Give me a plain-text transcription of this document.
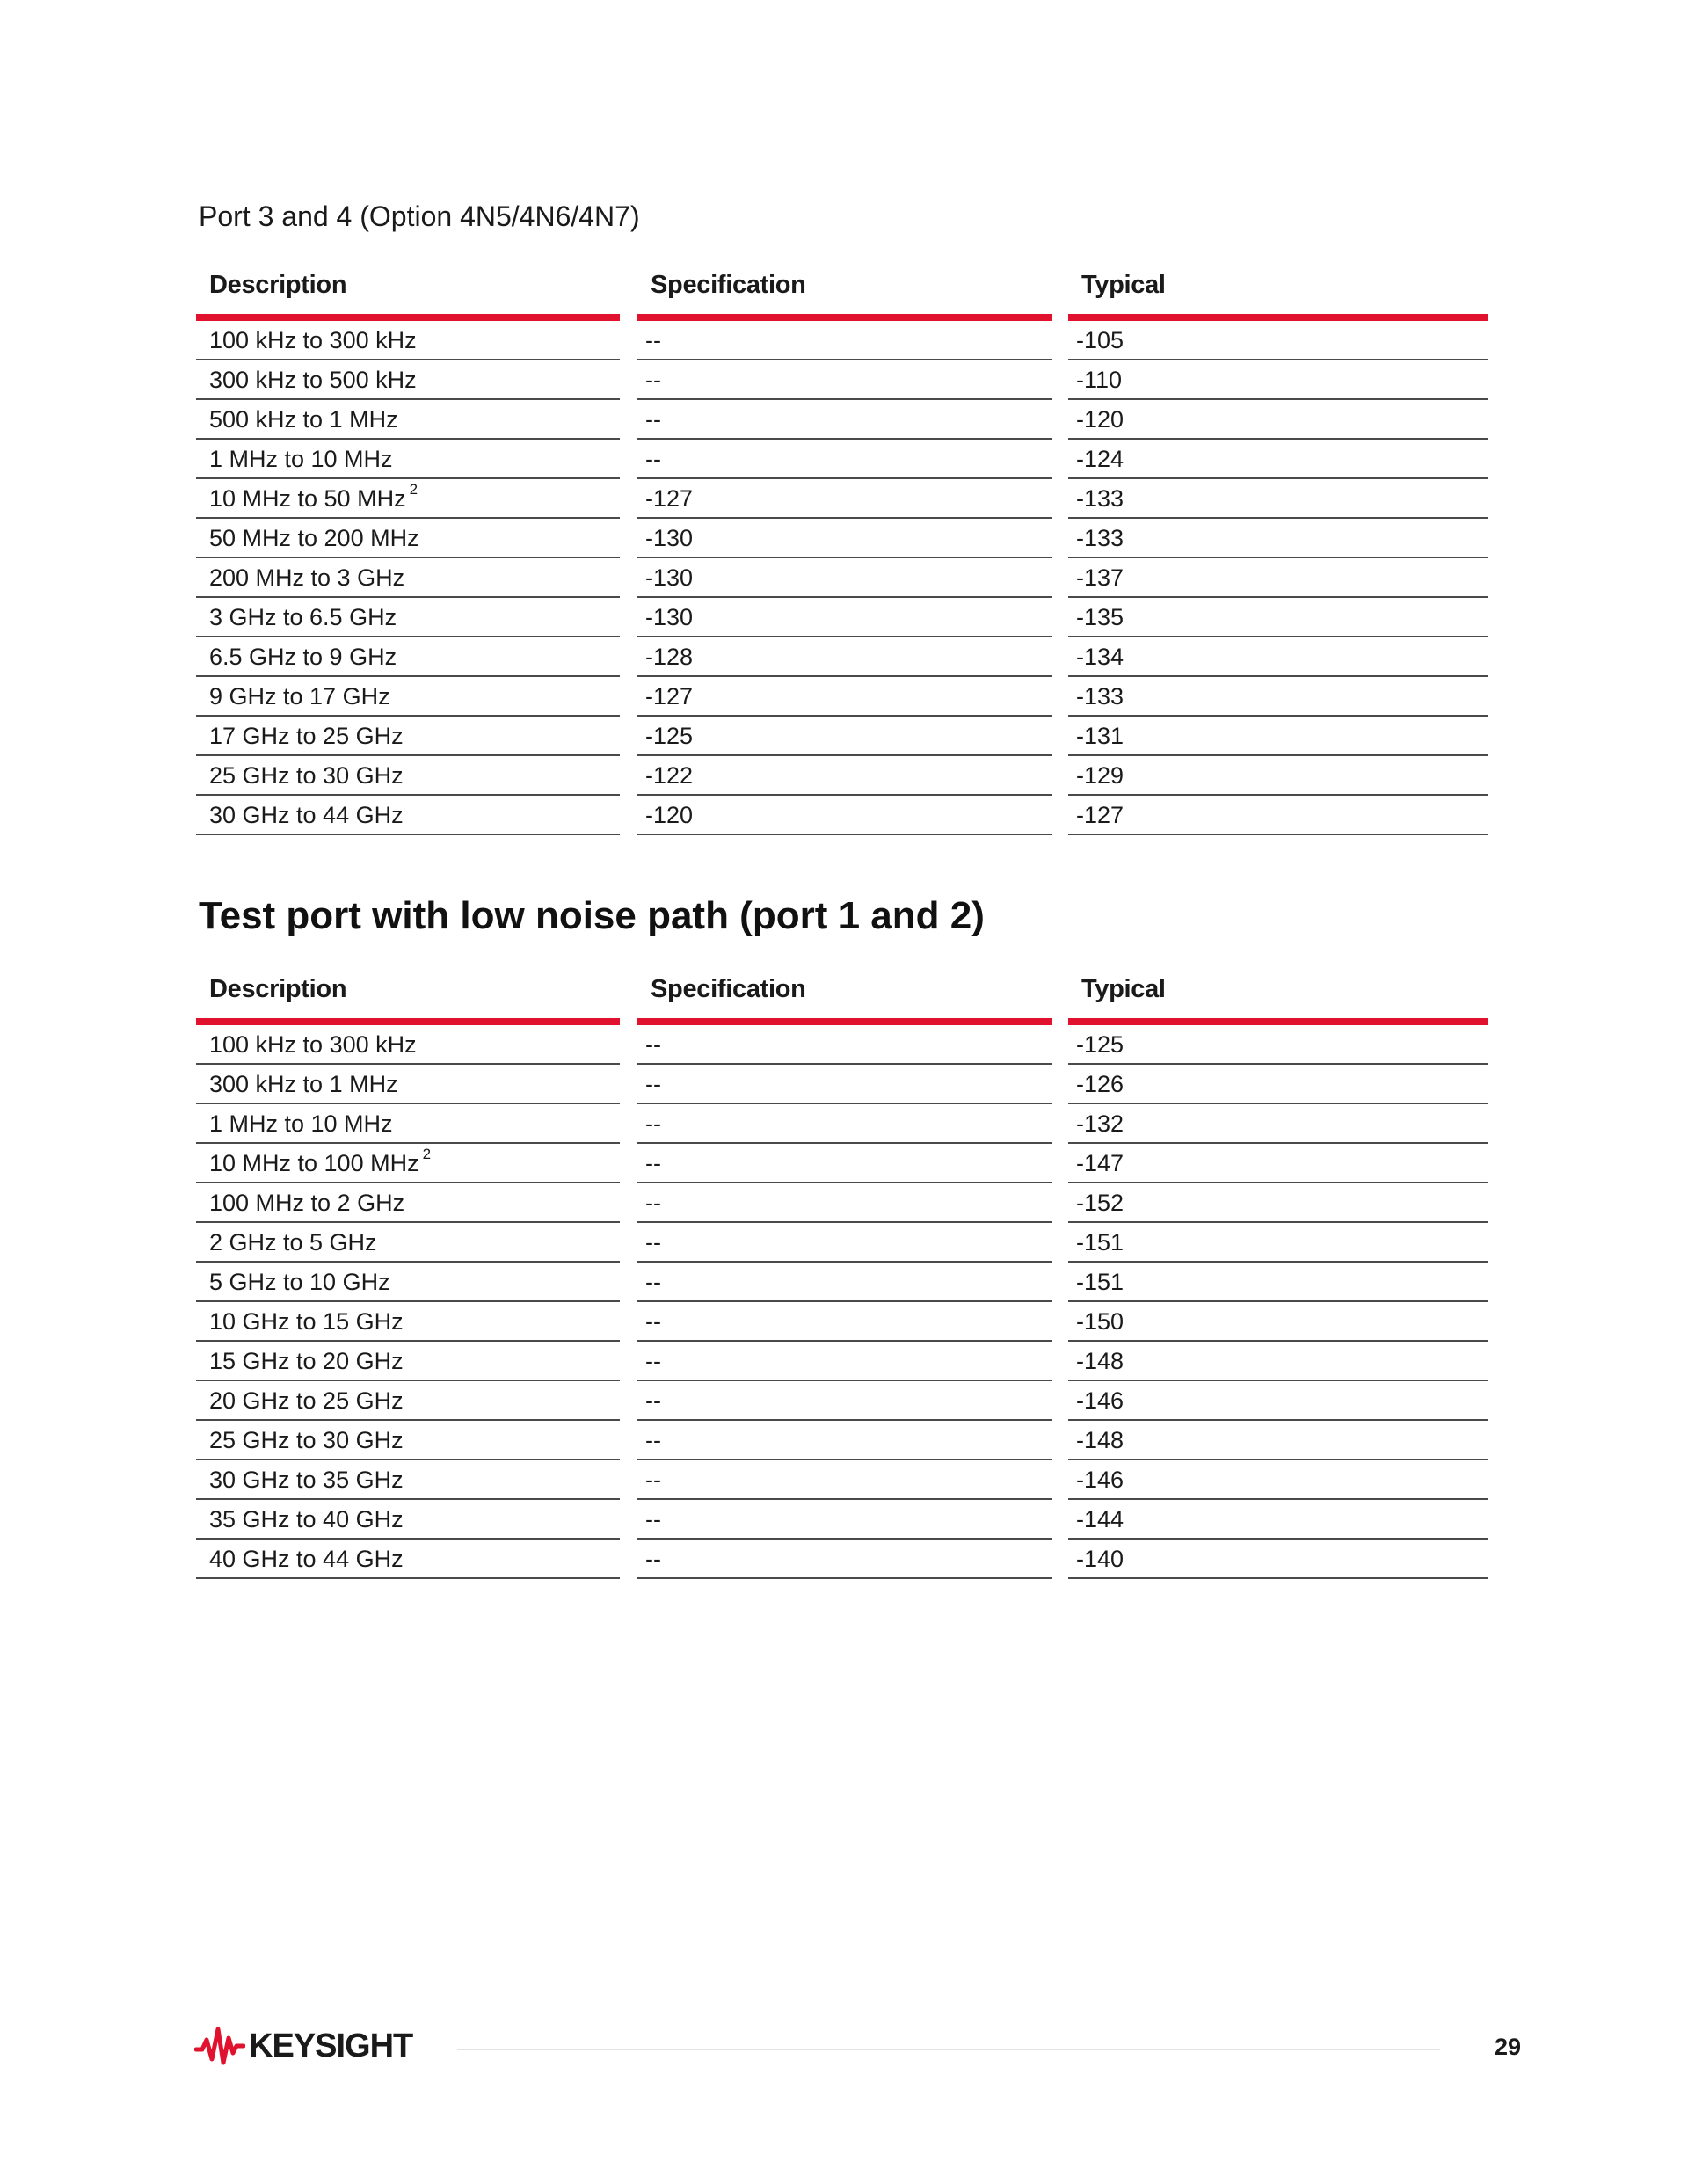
Port 3 and 4 (Option 4N5/4N6/4N7)
Description	Specification	Typical
100 kHz to 300 kHz	--	-105
300 kHz to 500 kHz	--	-110
500 kHz to 1 MHz	--	-120
1 MHz to 10 MHz	--	-124
10 MHz to 50 MHz $^2$	-127	-133
50 MHz to 200 MHz	-130	-133
200 MHz to 3 GHz	-130	-137
3 GHz to 6.5 GHz	-130	-135
6.5 GHz to 9 GHz	-128	-134
9 GHz to 17 GHz	-127	-133
17 GHz to 25 GHz	-125	-131
25 GHz to 30 GHz	-122	-129
30 GHz to 44 GHz	-120	-127
Test port with low noise path (port 1 and 2)
Description	Specification	Typical
100 kHz to 300 kHz	--	-125
300 kHz to 1 MHz	--	-126
1 MHz to 10 MHz	--	-132
10 MHz to 100 MHz $^2$	--	-147
100 MHz to 2 GHz	--	-152
2 GHz to 5 GHz	--	-151
5 GHz to 10 GHz	--	-151
10 GHz to 15 GHz	--	-150
15 GHz to 20 GHz	--	-148
20 GHz to 25 GHz	--	-146
25 GHz to 30 GHz	--	-148
30 GHz to 35 GHz	--	-146
35 GHz to 40 GHz	--	-144
40 GHz to 44 GHz	--	-140
KEYSIGHT	29
